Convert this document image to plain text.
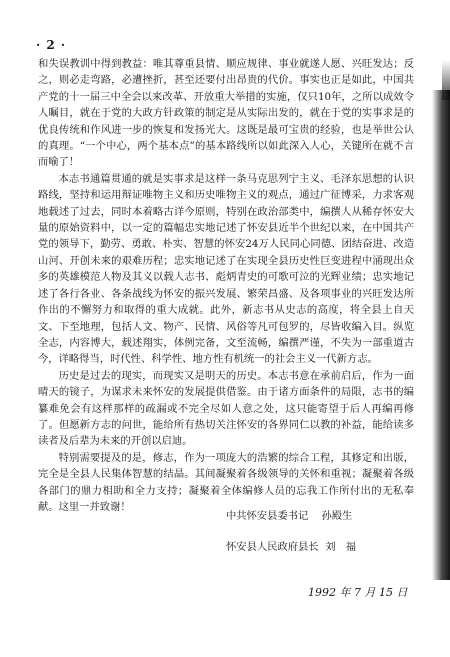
· 2 ·

和失误教训中得到教益：唯其尊重县情、顺应规律、事业就遂人愿、兴旺发达；反之，则必走弯路，必遭挫折，甚至还要付出昂贵的代价。事实也正是如此，中国共产党的十一届三中全会以来改革、开放重大举措的实施，仅只10年，之所以成效令人瞩目，就在于党的大政方针政策的制定是从实际出发的，就在于党的实事求是的优良传统和作风进一步的恢复和发扬光大。这既是最可宝贵的经验，也是举世公认的真理。“一个中心，两个基本点”的基本路线所以如此深入人心，关键所在就不言而喻了！

本志书通篇贯通的就是实事求是这样一条马克思列宁主义、毛泽东思想的认识路线，坚持和运用辩证唯物主义和历史唯物主义的观点，通过广征博采，力求客观地载述了过去，同时本着略古详今原则，特别在政治部类中，编撰人从稀存怀安大量的原始资料中，以一定的篇幅忠实地记述了怀安县近半个世纪以来，在中国共产党的领导下，勤劳、勇敢、朴实、智慧的怀安24万人民同心同德、团结奋进、改造山河、开创未来的艰难历程；忠实地记述了在实现全县历史性巨变进程中涌现出众多的英雄模范人物及其义以载人志书、彪炳青史的可歌可泣的光辉业绩；忠实地记述了各行各业、各条战线为怀安的振兴发展、繁荣昌盛、及各项事业的兴旺发达所作出的不懈努力和取得的重大成就。此外，新志书从史志的高度，将全县上自天文、下至地理，包括人文、物产、民情、风俗等凡可包罗的，尽皆收编入目。纵览全志，内容博大，载述翔实，体例完备，文至流畅，编撰严谨，不失为一部重道古今，详略得当，时代性、科学性、地方性有机统一的社会主义一代新方志。

历史是过去的现实，而现实又是明天的历史。本志书意在承前启后，作为一面晴天的镜子，为谋求未来怀安的发展提供借鉴。由于诸方面条件的局限，志书的编纂难免会有这样那样的疏漏或不完全尽如人意之处，这只能寄望于后人再编再修了。但愿新方志的问世，能给所有热切关注怀安的各界同仁以教的补益，能给读多读者及后辈为未来的开创以启迪。

特别需要提及的是，修志，作为一项庞大的浩繁的综合工程，其修定和出版，完全是全县人民集体智慧的结晶。其间凝聚着各级领导的关怀和重视；凝聚着各级各部门的鼎力相助和全力支持；凝聚着全体编修人员的忘我工作所付出的无私奉献。这里一并致谢！

中共怀安县委书记 孙殿生
怀安县人民政府县长 刘　福
1992 年 7 月 15 日
